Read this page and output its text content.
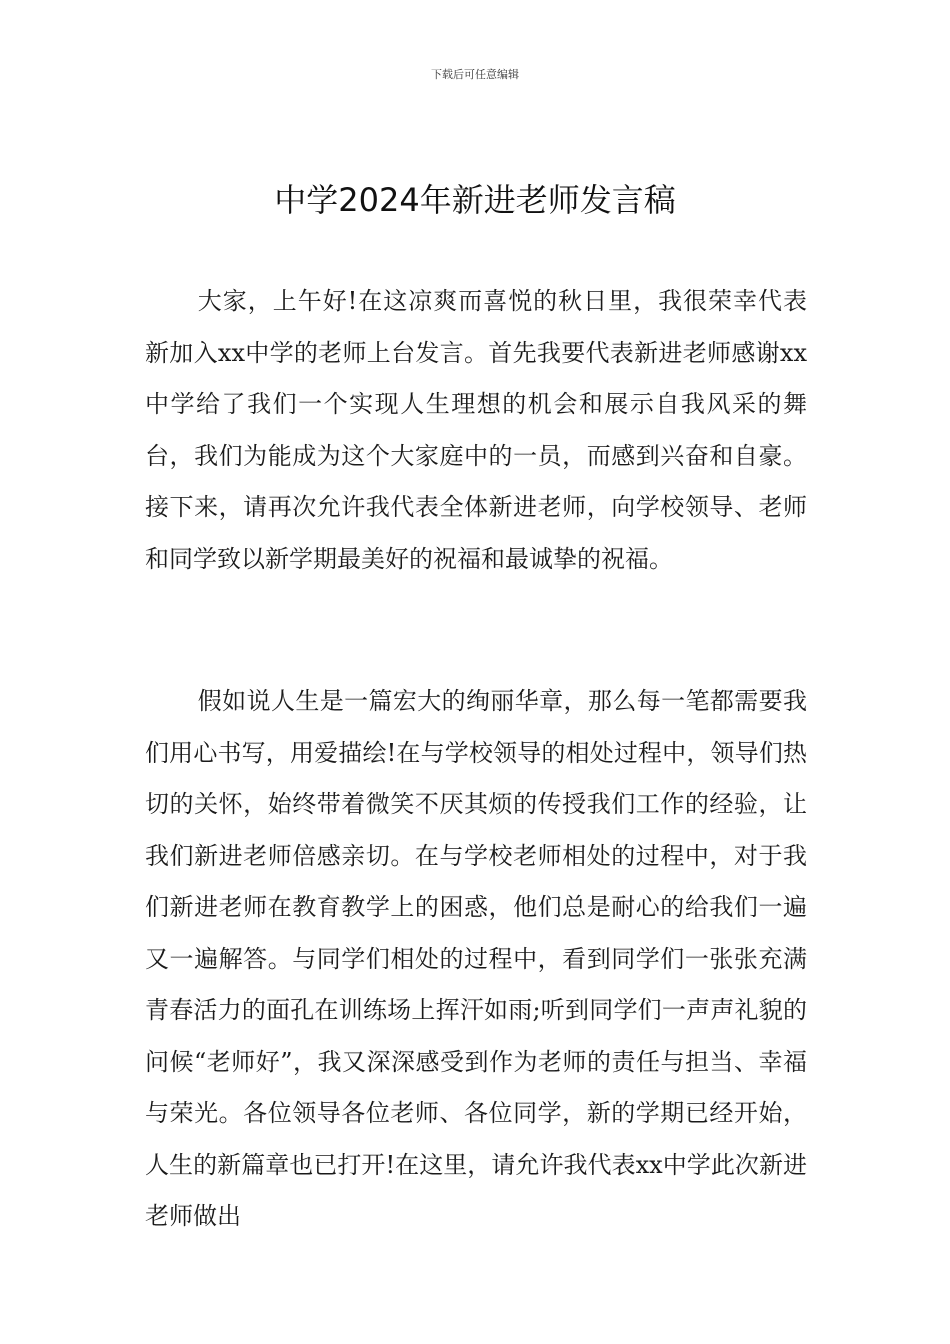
下载后可任意编辑
中学2024年新进老师发言稿

大家，上午好!在这凉爽而喜悦的秋日里，我很荣幸代表新加入xx中学的老师上台发言。首先我要代表新进老师感谢xx中学给了我们一个实现人生理想的机会和展示自我风采的舞台，我们为能成为这个大家庭中的一员，而感到兴奋和自豪。接下来，请再次允许我代表全体新进老师，向学校领导、老师和同学致以新学期最美好的祝福和最诚挚的祝福。

假如说人生是一篇宏大的绚丽华章，那么每一笔都需要我们用心书写，用爱描绘!在与学校领导的相处过程中，领导们热切的关怀，始终带着微笑不厌其烦的传授我们工作的经验，让我们新进老师倍感亲切。在与学校老师相处的过程中，对于我们新进老师在教育教学上的困惑，他们总是耐心的给我们一遍又一遍解答。与同学们相处的过程中，看到同学们一张张充满青春活力的面孔在训练场上挥汗如雨;听到同学们一声声礼貌的问候“老师好”，我又深深感受到作为老师的责任与担当、幸福与荣光。各位领导各位老师、各位同学，新的学期已经开始，人生的新篇章也已打开!在这里，请允许我代表xx中学此次新进老师做出
